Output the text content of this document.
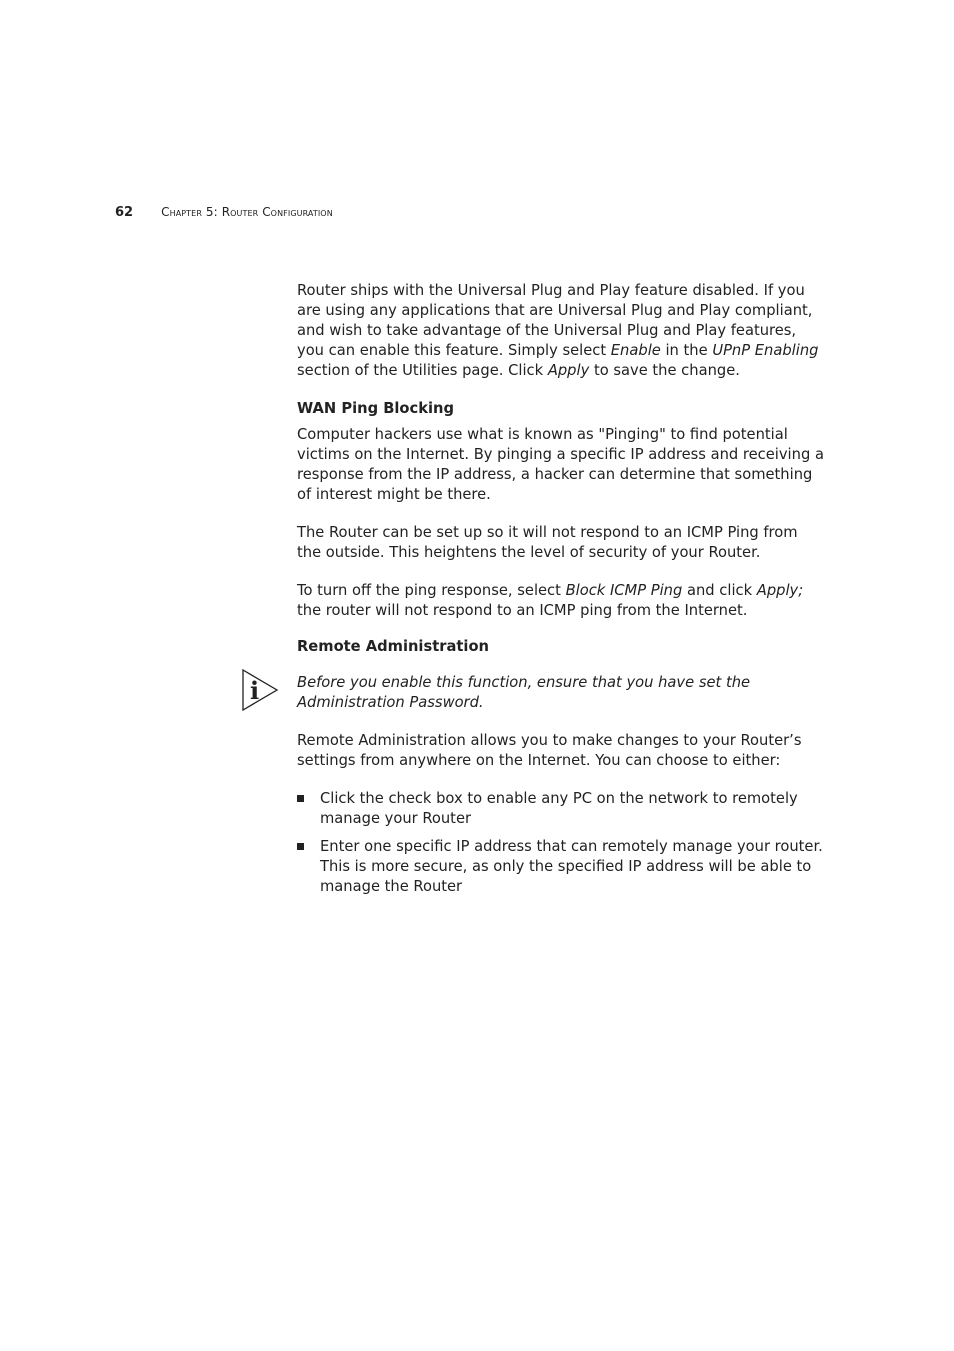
62 Chapter 5: Router Configuration

Router ships with the Universal Plug and Play feature disabled. If you are using any applications that are Universal Plug and Play compliant, and wish to take advantage of the Universal Plug and Play features, you can enable this feature. Simply select Enable in the UPnP Enabling section of the Utilities page. Click Apply to save the change.

WAN Ping Blocking

Computer hackers use what is known as "Pinging" to find potential victims on the Internet. By pinging a specific IP address and receiving a response from the IP address, a hacker can determine that something of interest might be there.

The Router can be set up so it will not respond to an ICMP Ping from the outside. This heightens the level of security of your Router.

To turn off the ping response, select Block ICMP Ping and click Apply; the router will not respond to an ICMP ping from the Internet.

Remote Administration
i	Before you enable this function, ensure that you have set the Administration Password.

Remote Administration allows you to make changes to your Router’s settings from anywhere on the Internet. You can choose to either:

Click the check box to enable any PC on the network to remotely manage your Router
Enter one specific IP address that can remotely manage your router. This is more secure, as only the specified IP address will be able to manage the Router
